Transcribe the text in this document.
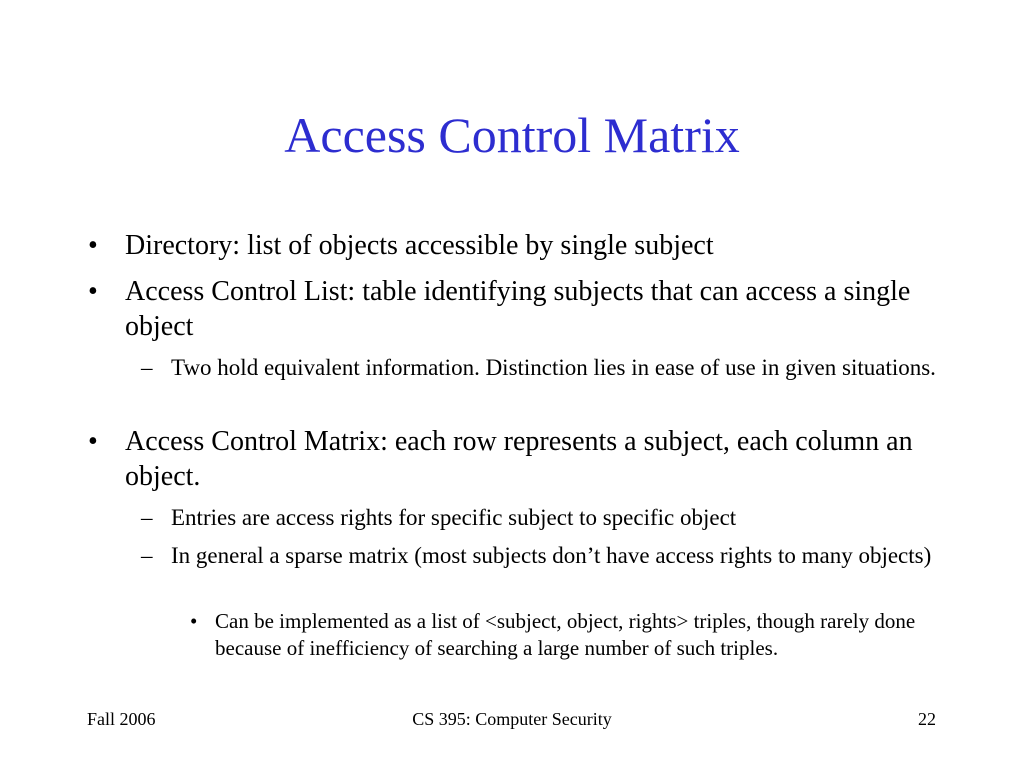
Access Control Matrix
• Directory: list of objects accessible by single subject
• Access Control List: table identifying subjects that can access a single object
– Two hold equivalent information. Distinction lies in ease of use in given situations.
• Access Control Matrix: each row represents a subject, each column an object.
– Entries are access rights for specific subject to specific object
– In general a sparse matrix (most subjects don’t have access rights to many objects)
• Can be implemented as a list of <subject, object, rights> triples, though rarely done because of inefficiency of searching a large number of such triples.
Fall 2006	CS 395: Computer Security	22
